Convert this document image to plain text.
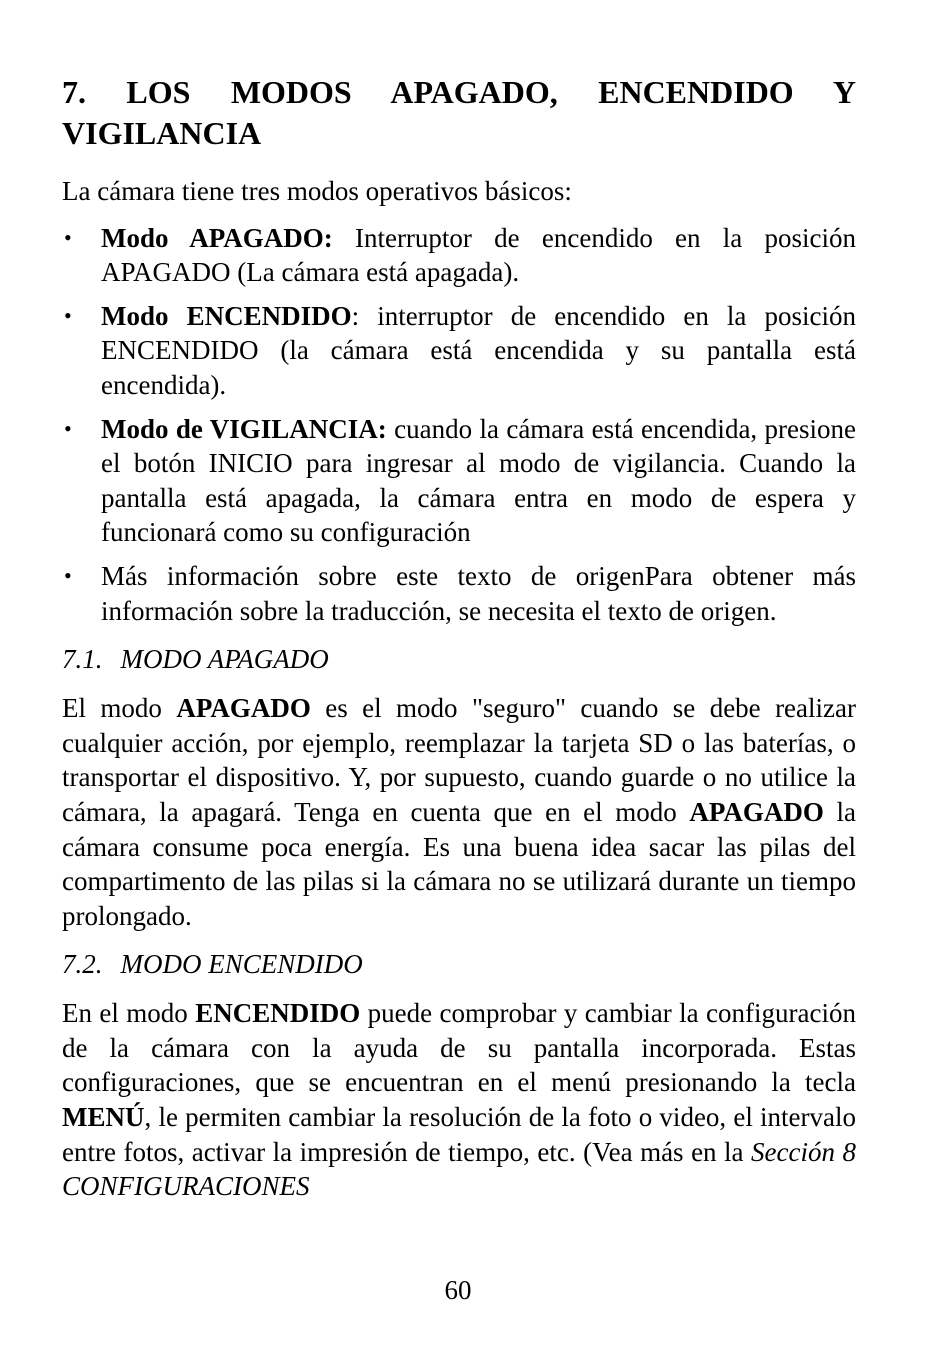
7. LOS MODOS APAGADO, ENCENDIDO Y VIGILANCIA

La cámara tiene tres modos operativos básicos:

• Modo APAGADO: Interruptor de encendido en la posición APAGADO (La cámara está apagada).
• Modo ENCENDIDO: interruptor de encendido en la posición ENCENDIDO (la cámara está encendida y su pantalla está encendida).
• Modo de VIGILANCIA: cuando la cámara está encendida, presione el botón INICIO para ingresar al modo de vigilancia. Cuando la pantalla está apagada, la cámara entra en modo de espera y funcionará como su configuración
• Más información sobre este texto de origenPara obtener más información sobre la traducción, se necesita el texto de origen.
7.1. MODO APAGADO

El modo APAGADO es el modo "seguro" cuando se debe realizar cualquier acción, por ejemplo, reemplazar la tarjeta SD o las baterías, o transportar el dispositivo. Y, por supuesto, cuando guarde o no utilice la cámara, la apagará. Tenga en cuenta que en el modo APAGADO la cámara consume poca energía. Es una buena idea sacar las pilas del compartimento de las pilas si la cámara no se utilizará durante un tiempo prolongado.

7.2. MODO ENCENDIDO

En el modo ENCENDIDO puede comprobar y cambiar la configuración de la cámara con la ayuda de su pantalla incorporada. Estas configuraciones, que se encuentran en el menú presionando la tecla MENÚ, le permiten cambiar la resolución de la foto o video, el intervalo entre fotos, activar la impresión de tiempo, etc. (Vea más en la Sección 8 CONFIGURACIONES

60
